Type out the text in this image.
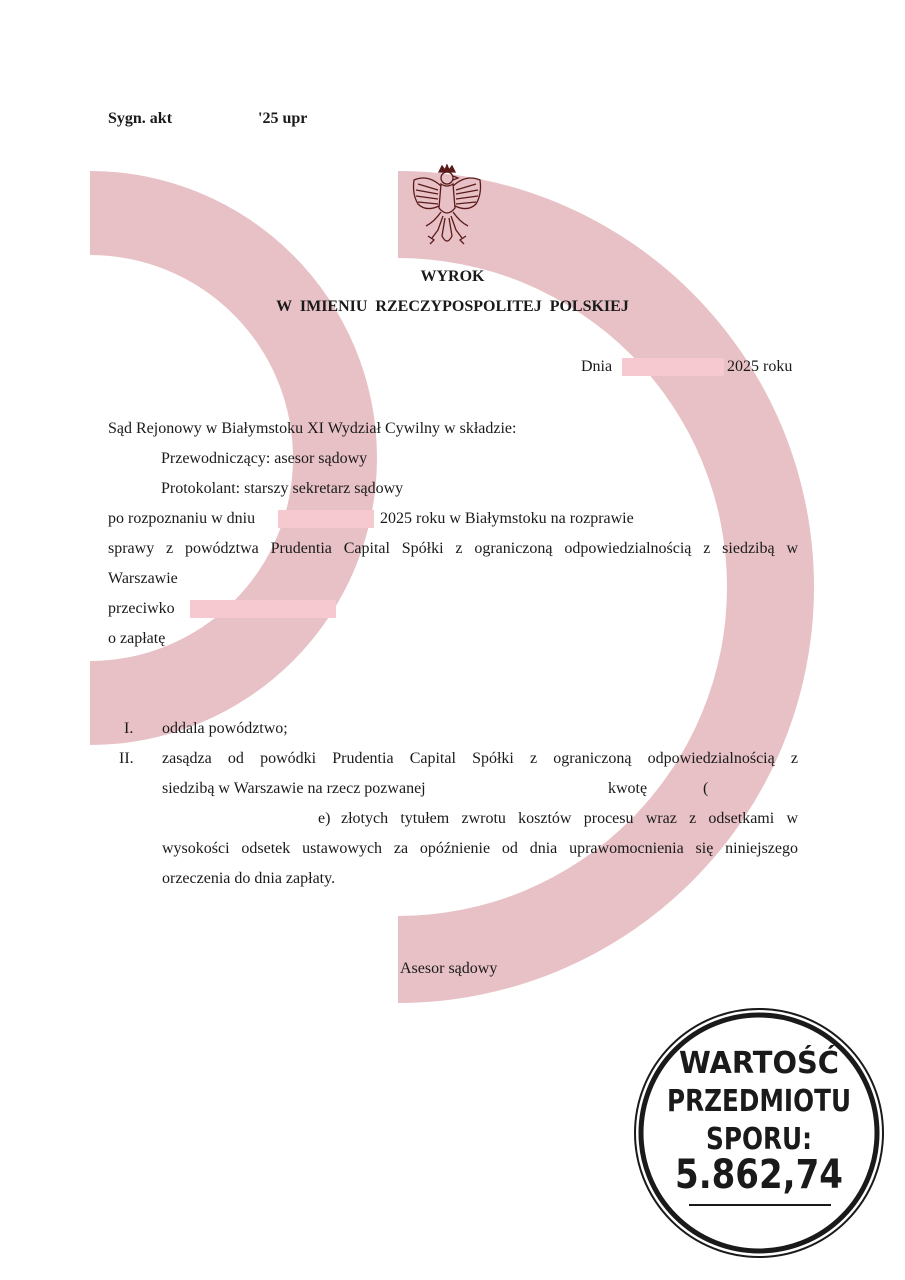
Sygn. akt	'25 upr
WYROK
W  IMIENIU  RZECZYPOSPOLITEJ  POLSKIEJ
Dnia	2025 roku
Sąd Rejonowy w Białymstoku XI Wydział Cywilny w składzie:
Przewodniczący: asesor sądowy
Protokolant: starszy sekretarz sądowy
po rozpoznaniu w dniu	2025 roku w Białymstoku na rozprawie
sprawy z powództwa Prudentia Capital Spółki z ograniczoną odpowiedzialnością z siedzibą w
Warszawie
przeciwko
o zapłatę
I. oddala powództwo;
II. zasądza od powódki Prudentia Capital Spółki z ograniczoną odpowiedzialnością z
siedzibą w Warszawie na rzecz pozwanej	kwotę	(
e) złotych tytułem zwrotu kosztów procesu wraz z odsetkami w
wysokości odsetek ustawowych za opóźnienie od dnia uprawomocnienia się niniejszego
orzeczenia do dnia zapłaty.
Asesor sądowy
WARTOŚĆ
PRZEDMIOTU
SPORU:
5.862,74
